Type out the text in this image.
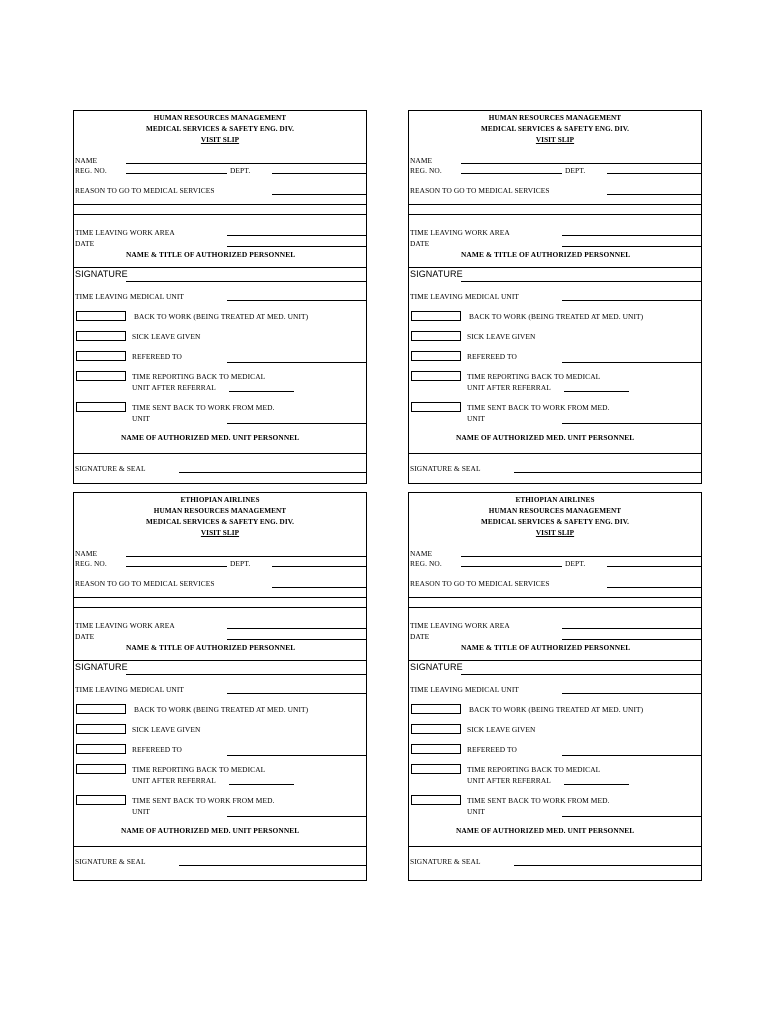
HUMAN RESOURCES MANAGEMENT
MEDICAL SERVICES & SAFETY ENG. DIV.
VISIT SLIP
NAME
REG. NO.	DEPT.
REASON TO GO TO MEDICAL SERVICES
TIME LEAVING WORK AREA
DATE
NAME & TITLE OF AUTHORIZED PERSONNEL
SIGNATURE
TIME LEAVING MEDICAL UNIT
BACK TO WORK (BEING TREATED AT MED. UNIT)
SICK LEAVE GIVEN
REFEREED TO
TIME REPORTING BACK TO MEDICAL
UNIT AFTER REFERRAL
TIME SENT BACK TO WORK FROM MED.
UNIT
NAME OF AUTHORIZED MED. UNIT PERSONNEL
SIGNATURE & SEAL
HUMAN RESOURCES MANAGEMENT
MEDICAL SERVICES & SAFETY ENG. DIV.
VISIT SLIP
NAME
REG. NO.	DEPT.
REASON TO GO TO MEDICAL SERVICES
TIME LEAVING WORK AREA
DATE
NAME & TITLE OF AUTHORIZED PERSONNEL
SIGNATURE
TIME LEAVING MEDICAL UNIT
BACK TO WORK (BEING TREATED AT MED. UNIT)
SICK LEAVE GIVEN
REFEREED TO
TIME REPORTING BACK TO MEDICAL
UNIT AFTER REFERRAL
TIME SENT BACK TO WORK FROM MED.
UNIT
NAME OF AUTHORIZED MED. UNIT PERSONNEL
SIGNATURE & SEAL
ETHIOPIAN AIRLINES
HUMAN RESOURCES MANAGEMENT
MEDICAL SERVICES & SAFETY ENG. DIV.
VISIT SLIP
NAME
REG. NO.	DEPT.
REASON TO GO TO MEDICAL SERVICES
TIME LEAVING WORK AREA
DATE
NAME & TITLE OF AUTHORIZED PERSONNEL
SIGNATURE
TIME LEAVING MEDICAL UNIT
BACK TO WORK (BEING TREATED AT MED. UNIT)
SICK LEAVE GIVEN
REFEREED TO
TIME REPORTING BACK TO MEDICAL
UNIT AFTER REFERRAL
TIME SENT BACK TO WORK FROM MED.
UNIT
NAME OF AUTHORIZED MED. UNIT PERSONNEL
SIGNATURE & SEAL
ETHIOPIAN AIRLINES
HUMAN RESOURCES MANAGEMENT
MEDICAL SERVICES & SAFETY ENG. DIV.
VISIT SLIP
NAME
REG. NO.	DEPT.
REASON TO GO TO MEDICAL SERVICES
TIME LEAVING WORK AREA
DATE
NAME & TITLE OF AUTHORIZED PERSONNEL
SIGNATURE
TIME LEAVING MEDICAL UNIT
BACK TO WORK (BEING TREATED AT MED. UNIT)
SICK LEAVE GIVEN
REFEREED TO
TIME REPORTING BACK TO MEDICAL
UNIT AFTER REFERRAL
TIME SENT BACK TO WORK FROM MED.
UNIT
NAME OF AUTHORIZED MED. UNIT PERSONNEL
SIGNATURE & SEAL
